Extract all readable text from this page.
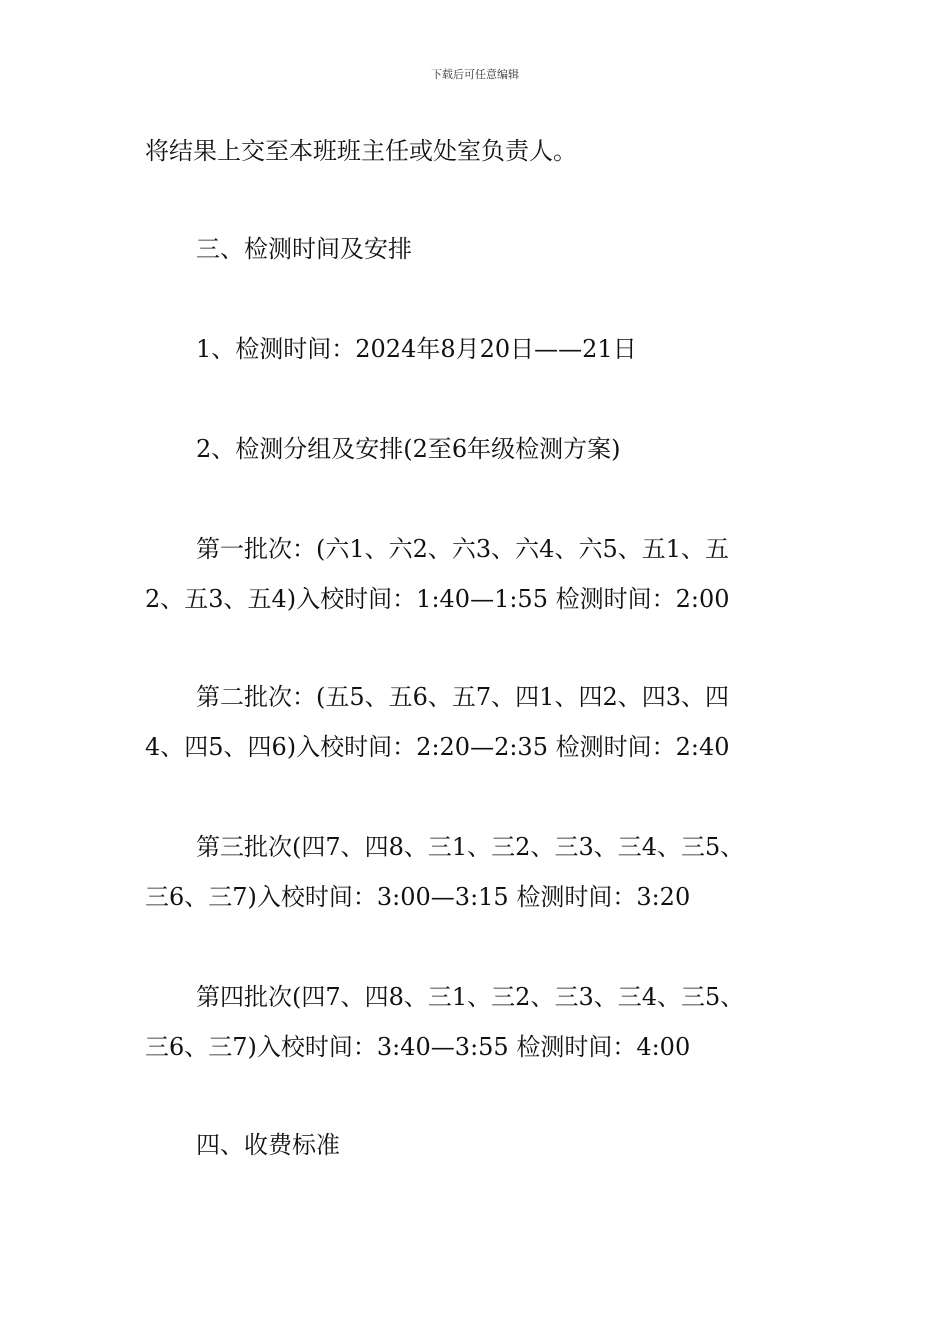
下载后可任意编辑
将结果上交至本班班主任或处室负责人。
三、检测时间及安排
1、检测时间：2024年8月20日——21日
2、检测分组及安排(2至6年级检测方案)
第一批次：(六1、六2、六3、六4、六5、五1、五
2、五3、五4)入校时间：1:40—1:55 检测时间：2:00
第二批次：(五5、五6、五7、四1、四2、四3、四
4、四5、四6)入校时间：2:20—2:35 检测时间：2:40
第三批次(四7、四8、三1、三2、三3、三4、三5、
三6、三7)入校时间：3:00—3:15 检测时间：3:20
第四批次(四7、四8、三1、三2、三3、三4、三5、
三6、三7)入校时间：3:40—3:55 检测时间：4:00
四、收费标准
